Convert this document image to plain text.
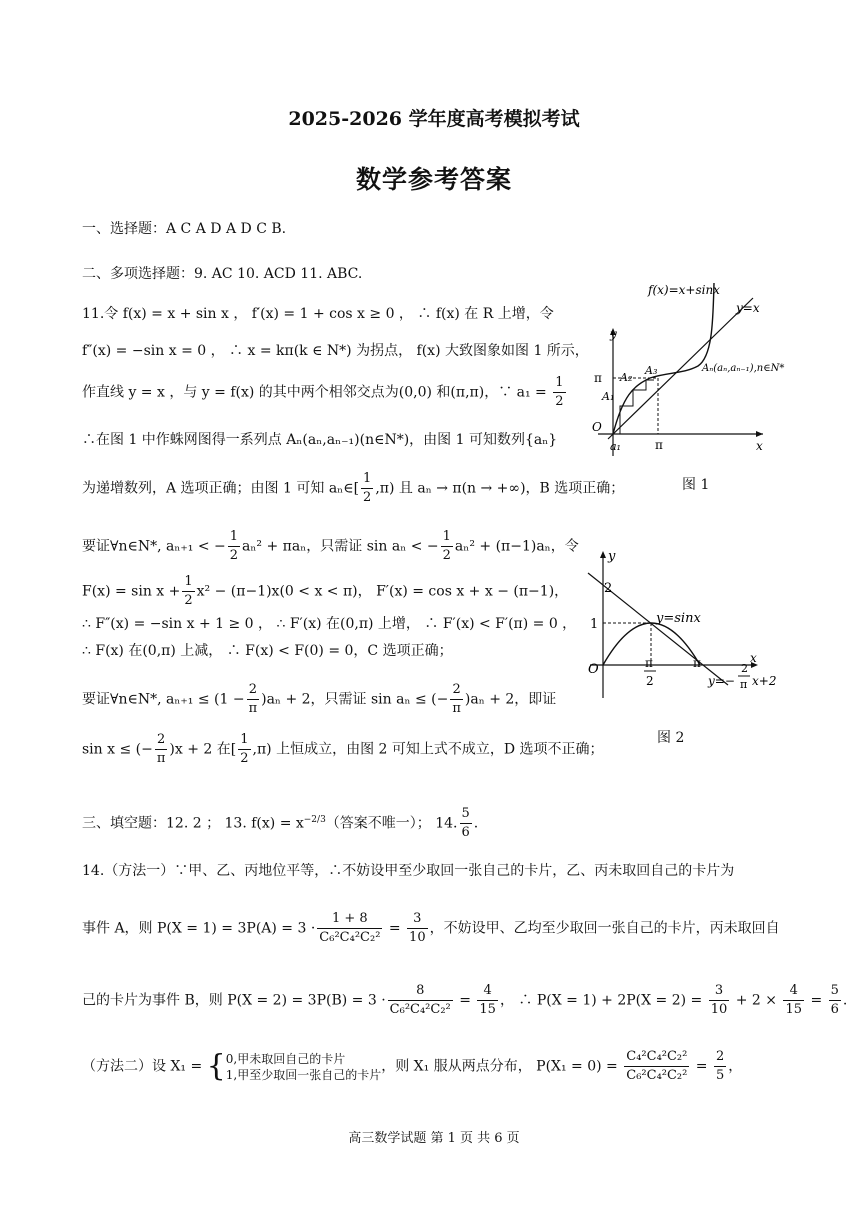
2025-2026 学年度高考模拟考试
数学参考答案
一、选择题：A C A D A D C B.
二、多项选择题：9. AC 10. ACD 11. ABC.
11.令 f(x) = x + sin x ， f′(x) = 1 + cos x ≥ 0 ， ∴ f(x) 在 R 上增，令
f″(x) = −sin x = 0 ， ∴ x = kπ(k ∈ N*) 为拐点， f(x) 大致图象如图 1 所示，
作直线 y = x ，与 y = f(x) 的其中两个相邻交点为(0,0) 和(π,π)，∵ $a_1 = \frac{1}{2}$
∴在图 1 中作蛛网图得一系列点 Aₙ(aₙ,aₙ₋₁)(n∈N*)，由图 1 可知数列{aₙ}
为递增数列，A 选项正确；由图 1 可知 aₙ∈[ $\frac{1}{2} ,\pi$) 且 aₙ → π(n → +∞)，B 选项正确；
要证∀n∈N*, aₙ₊₁ < − $\frac{1}{2} a_n^2 + \pi a_n$，只需证 sin aₙ < − $\frac{1}{2} a_n^2 + (\pi-1)a_n$，令
$F(x) = \sin x + \frac{1}{2} x^2 - (\pi-1)x(0 < x < \pi)$， F′(x) = cos x + x − (π−1)，
∴ F″(x) = −sin x + 1 ≥ 0 ， ∴ F′(x) 在(0,π) 上增， ∴ F′(x) < F′(π) = 0 ，
∴ F(x) 在(0,π) 上减， ∴ F(x) < F(0) = 0，C 选项正确；
要证∀n∈N*, $a_{n+1} \le (1 - \frac{2}{\pi} )a_n + 2$，只需证 sin aₙ ≤ (− $\frac{2}{\pi} )a_n + 2$，即证
sin x ≤ (− $\frac{2}{\pi} )x + 2$ 在[ $\frac{1}{2} ,\pi$) 上恒成立，由图 2 可知上式不成立，D 选项不正确；
y
x
O
π
π
a₁
A₁
A₂
A₃
f(x)=x+sinx
y=x
Aₙ(aₙ,aₙ₋₁),n∈N*
图 1
y
x
O
2
1
π
2
π
y=sinx
y=−
2
π x+2
图 2
三、填空题：12. 2 ； 13. $f(x) = x^{-2/3}$（答案不唯一）； 14. $\frac{5}{6}$ .
14.（方法一）∵甲、乙、丙地位平等，∴不妨设甲至少取回一张自己的卡片，乙、丙未取回自己的卡片为
事件 A，则 $P(X = 1) = 3P(A) = 3 \cdot \frac{1 + 8}{\text{C₆²C₄²C₂²}} = \frac{3}{10}$ ，不妨设甲、乙均至少取回一张自己的卡片，丙未取回自
己的卡片为事件 B，则 $P(X = 2) = 3P(B) = 3 \cdot \frac{8}{\text{C₆²C₄²C₂²}} = \frac{4}{15}$ ， ∴ $P(X = 1) + 2P(X = 2) = \frac{3}{10} + 2 \times \frac{4}{15} = \frac{5}{6}$ .
（方法二）设 X₁ = { 0,甲未取回自己的卡片
1,甲至少取回一张自己的卡片 ，则 X₁ 服从两点分布， $P(X_1 = 0) = \frac{\text{C₄²C₄²C₂²}}{\text{C₆²C₄²C₂²}} = \frac{2}{5}$ ，
高三数学试题 第 1 页 共 6 页
